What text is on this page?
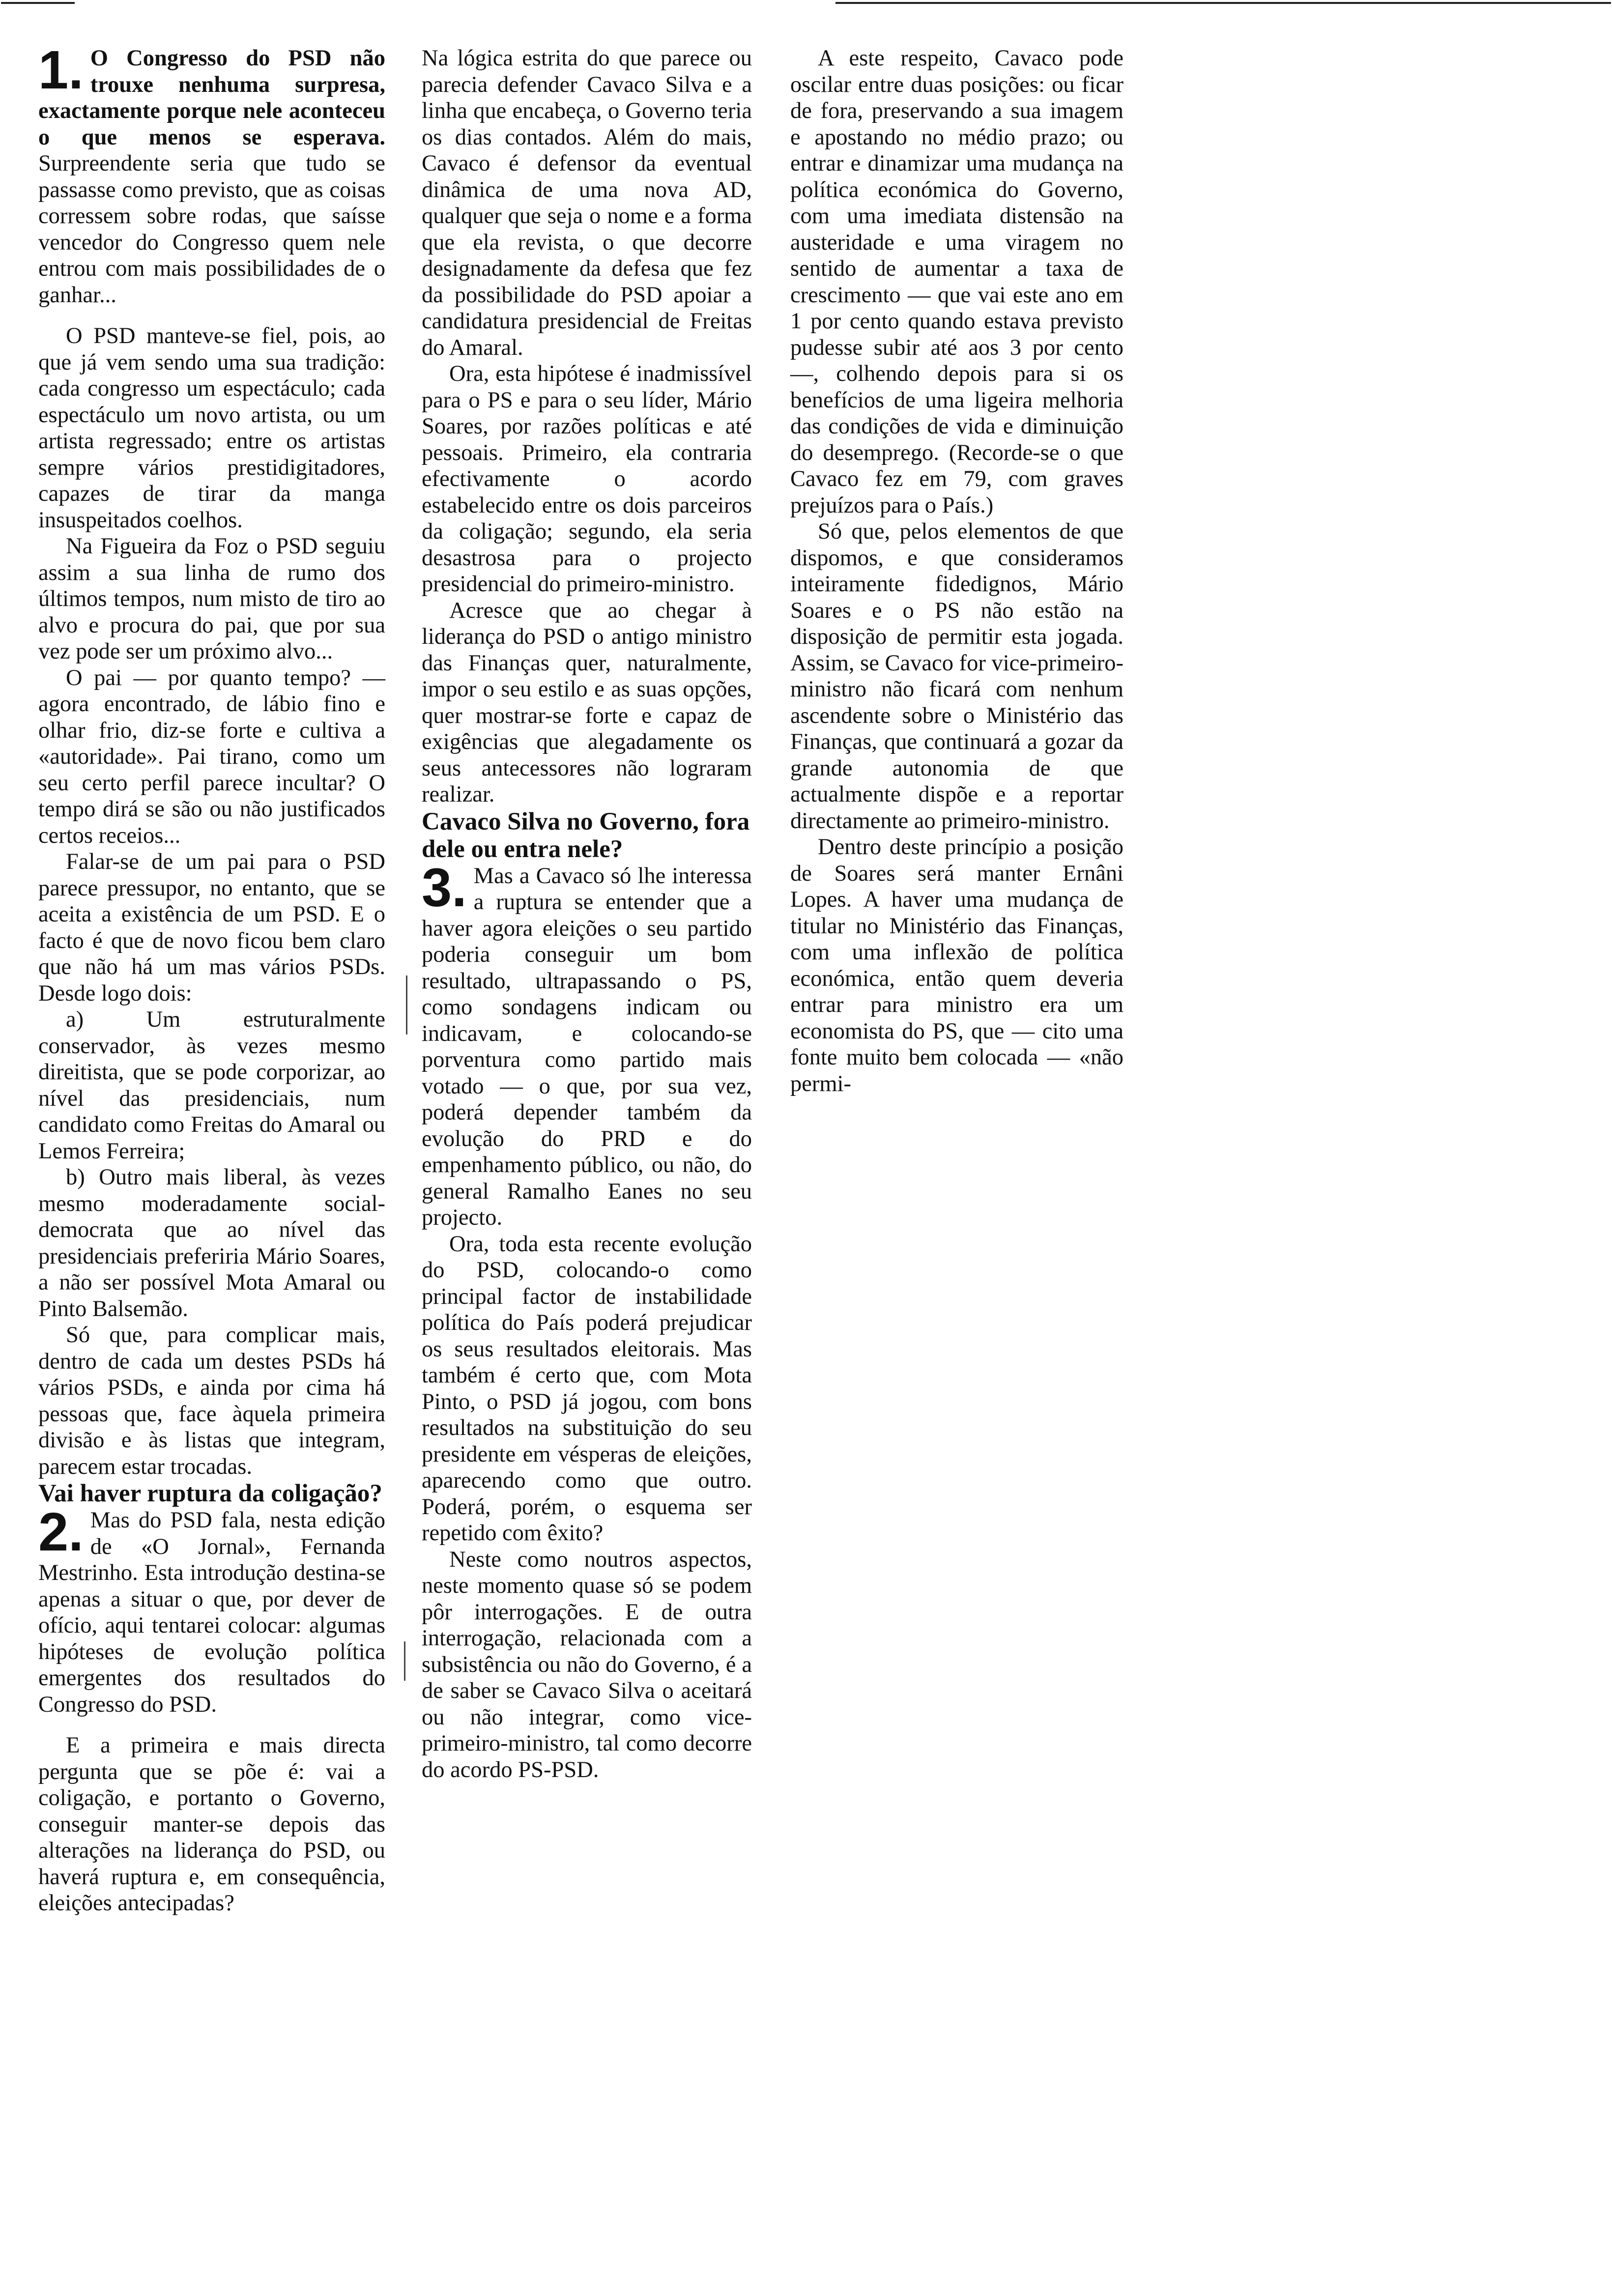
1. O Congresso do PSD não trouxe nenhuma surpresa, exactamente porque nele aconteceu o que menos se esperava. Surpreendente seria que tudo se passasse como previsto, que as coisas corressem sobre rodas, que saísse vencedor do Congresso quem nele entrou com mais possibilidades de o ganhar...

O PSD manteve-se fiel, pois, ao que já vem sendo uma sua tradição: cada congresso um espectáculo; cada espectáculo um novo artista, ou um artista regressado; entre os artistas sempre vários prestidigitadores, capazes de tirar da manga insuspeitados coelhos.

Na Figueira da Foz o PSD seguiu assim a sua linha de rumo dos últimos tempos, num misto de tiro ao alvo e procura do pai, que por sua vez pode ser um próximo alvo...

O pai — por quanto tempo? — agora encontrado, de lábio fino e olhar frio, diz-se forte e cultiva a «autoridade». Pai tirano, como um seu certo perfil parece incultar? O tempo dirá se são ou não justificados certos receios...

Falar-se de um pai para o PSD parece pressupor, no entanto, que se aceita a existência de um PSD. E o facto é que de novo ficou bem claro que não há um mas vários PSDs. Desde logo dois:

a) Um estruturalmente conservador, às vezes mesmo direitista, que se pode corporizar, ao nível das presidenciais, num candidato como Freitas do Amaral ou Lemos Ferreira;

b) Outro mais liberal, às vezes mesmo moderadamente social-democrata que ao nível das presidenciais preferiria Mário Soares, a não ser possível Mota Amaral ou Pinto Balsemão.

Só que, para complicar mais, dentro de cada um destes PSDs há vários PSDs, e ainda por cima há pessoas que, face àquela primeira divisão e às listas que integram, parecem estar trocadas.

Vai haver ruptura da coligação?

2. Mas do PSD fala, nesta edição de «O Jornal», Fernanda Mestrinho. Esta introdução destina-se apenas a situar o que, por dever de ofício, aqui tentarei colocar: algumas hipóteses de evolução política emergentes dos resultados do Congresso do PSD.

E a primeira e mais directa pergunta que se põe é: vai a coligação, e portanto o Governo, conseguir manter-se depois das alterações na liderança do PSD, ou haverá ruptura e, em consequência, eleições antecipadas?

Na lógica estrita do que parece ou parecia defender Cavaco Silva e a linha que encabeça, o Governo teria os dias contados. Além do mais, Cavaco é defensor da eventual dinâmica de uma nova AD, qualquer que seja o nome e a forma que ela revista, o que decorre designadamente da defesa que fez da possibilidade do PSD apoiar a candidatura presidencial de Freitas do Amaral.

Ora, esta hipótese é inadmissível para o PS e para o seu líder, Mário Soares, por razões políticas e até pessoais. Primeiro, ela contraria efectivamente o acordo estabelecido entre os dois parceiros da coligação; segundo, ela seria desastrosa para o projecto presidencial do primeiro-ministro.

Acresce que ao chegar à liderança do PSD o antigo ministro das Finanças quer, naturalmente, impor o seu estilo e as suas opções, quer mostrar-se forte e capaz de exigências que alegadamente os seus antecessores não lograram realizar.

Cavaco Silva no Governo, fora dele ou entra nele?

3. Mas a Cavaco só lhe interessa a ruptura se entender que a haver agora eleições o seu partido poderia conseguir um bom resultado, ultrapassando o PS, como sondagens indicam ou indicavam, e colocando-se porventura como partido mais votado — o que, por sua vez, poderá depender também da evolução do PRD e do empenhamento público, ou não, do general Ramalho Eanes no seu projecto.

Ora, toda esta recente evolução do PSD, colocando-o como principal factor de instabilidade política do País poderá prejudicar os seus resultados eleitorais. Mas também é certo que, com Mota Pinto, o PSD já jogou, com bons resultados na substituição do seu presidente em vésperas de eleições, aparecendo como que outro. Poderá, porém, o esquema ser repetido com êxito?

Neste como noutros aspectos, neste momento quase só se podem pôr interrogações. E de outra interrogação, relacionada com a subsistência ou não do Governo, é a de saber se Cavaco Silva o aceitará ou não integrar, como vice-primeiro-ministro, tal como decorre do acordo PS-PSD.

A este respeito, Cavaco pode oscilar entre duas posições: ou ficar de fora, preservando a sua imagem e apostando no médio prazo; ou entrar e dinamizar uma mudança na política económica do Governo, com uma imediata distensão na austeridade e uma viragem no sentido de aumentar a taxa de crescimento — que vai este ano em 1 por cento quando estava previsto pudesse subir até aos 3 por cento —, colhendo depois para si os benefícios de uma ligeira melhoria das condições de vida e diminuição do desemprego. (Recorde-se o que Cavaco fez em 79, com graves prejuízos para o País.)

Só que, pelos elementos de que dispomos, e que consideramos inteiramente fidedignos, Mário Soares e o PS não estão na disposição de permitir esta jogada. Assim, se Cavaco for vice-primeiro-ministro não ficará com nenhum ascendente sobre o Ministério das Finanças, que continuará a gozar da grande autonomia de que actualmente dispõe e a reportar directamente ao primeiro-ministro.

Dentro deste princípio a posição de Soares será manter Ernâni Lopes. A haver uma mudança de titular no Ministério das Finanças, com uma inflexão de política económica, então quem deveria entrar para ministro era um economista do PS, que — cito uma fonte muito bem colocada — «não permi-
